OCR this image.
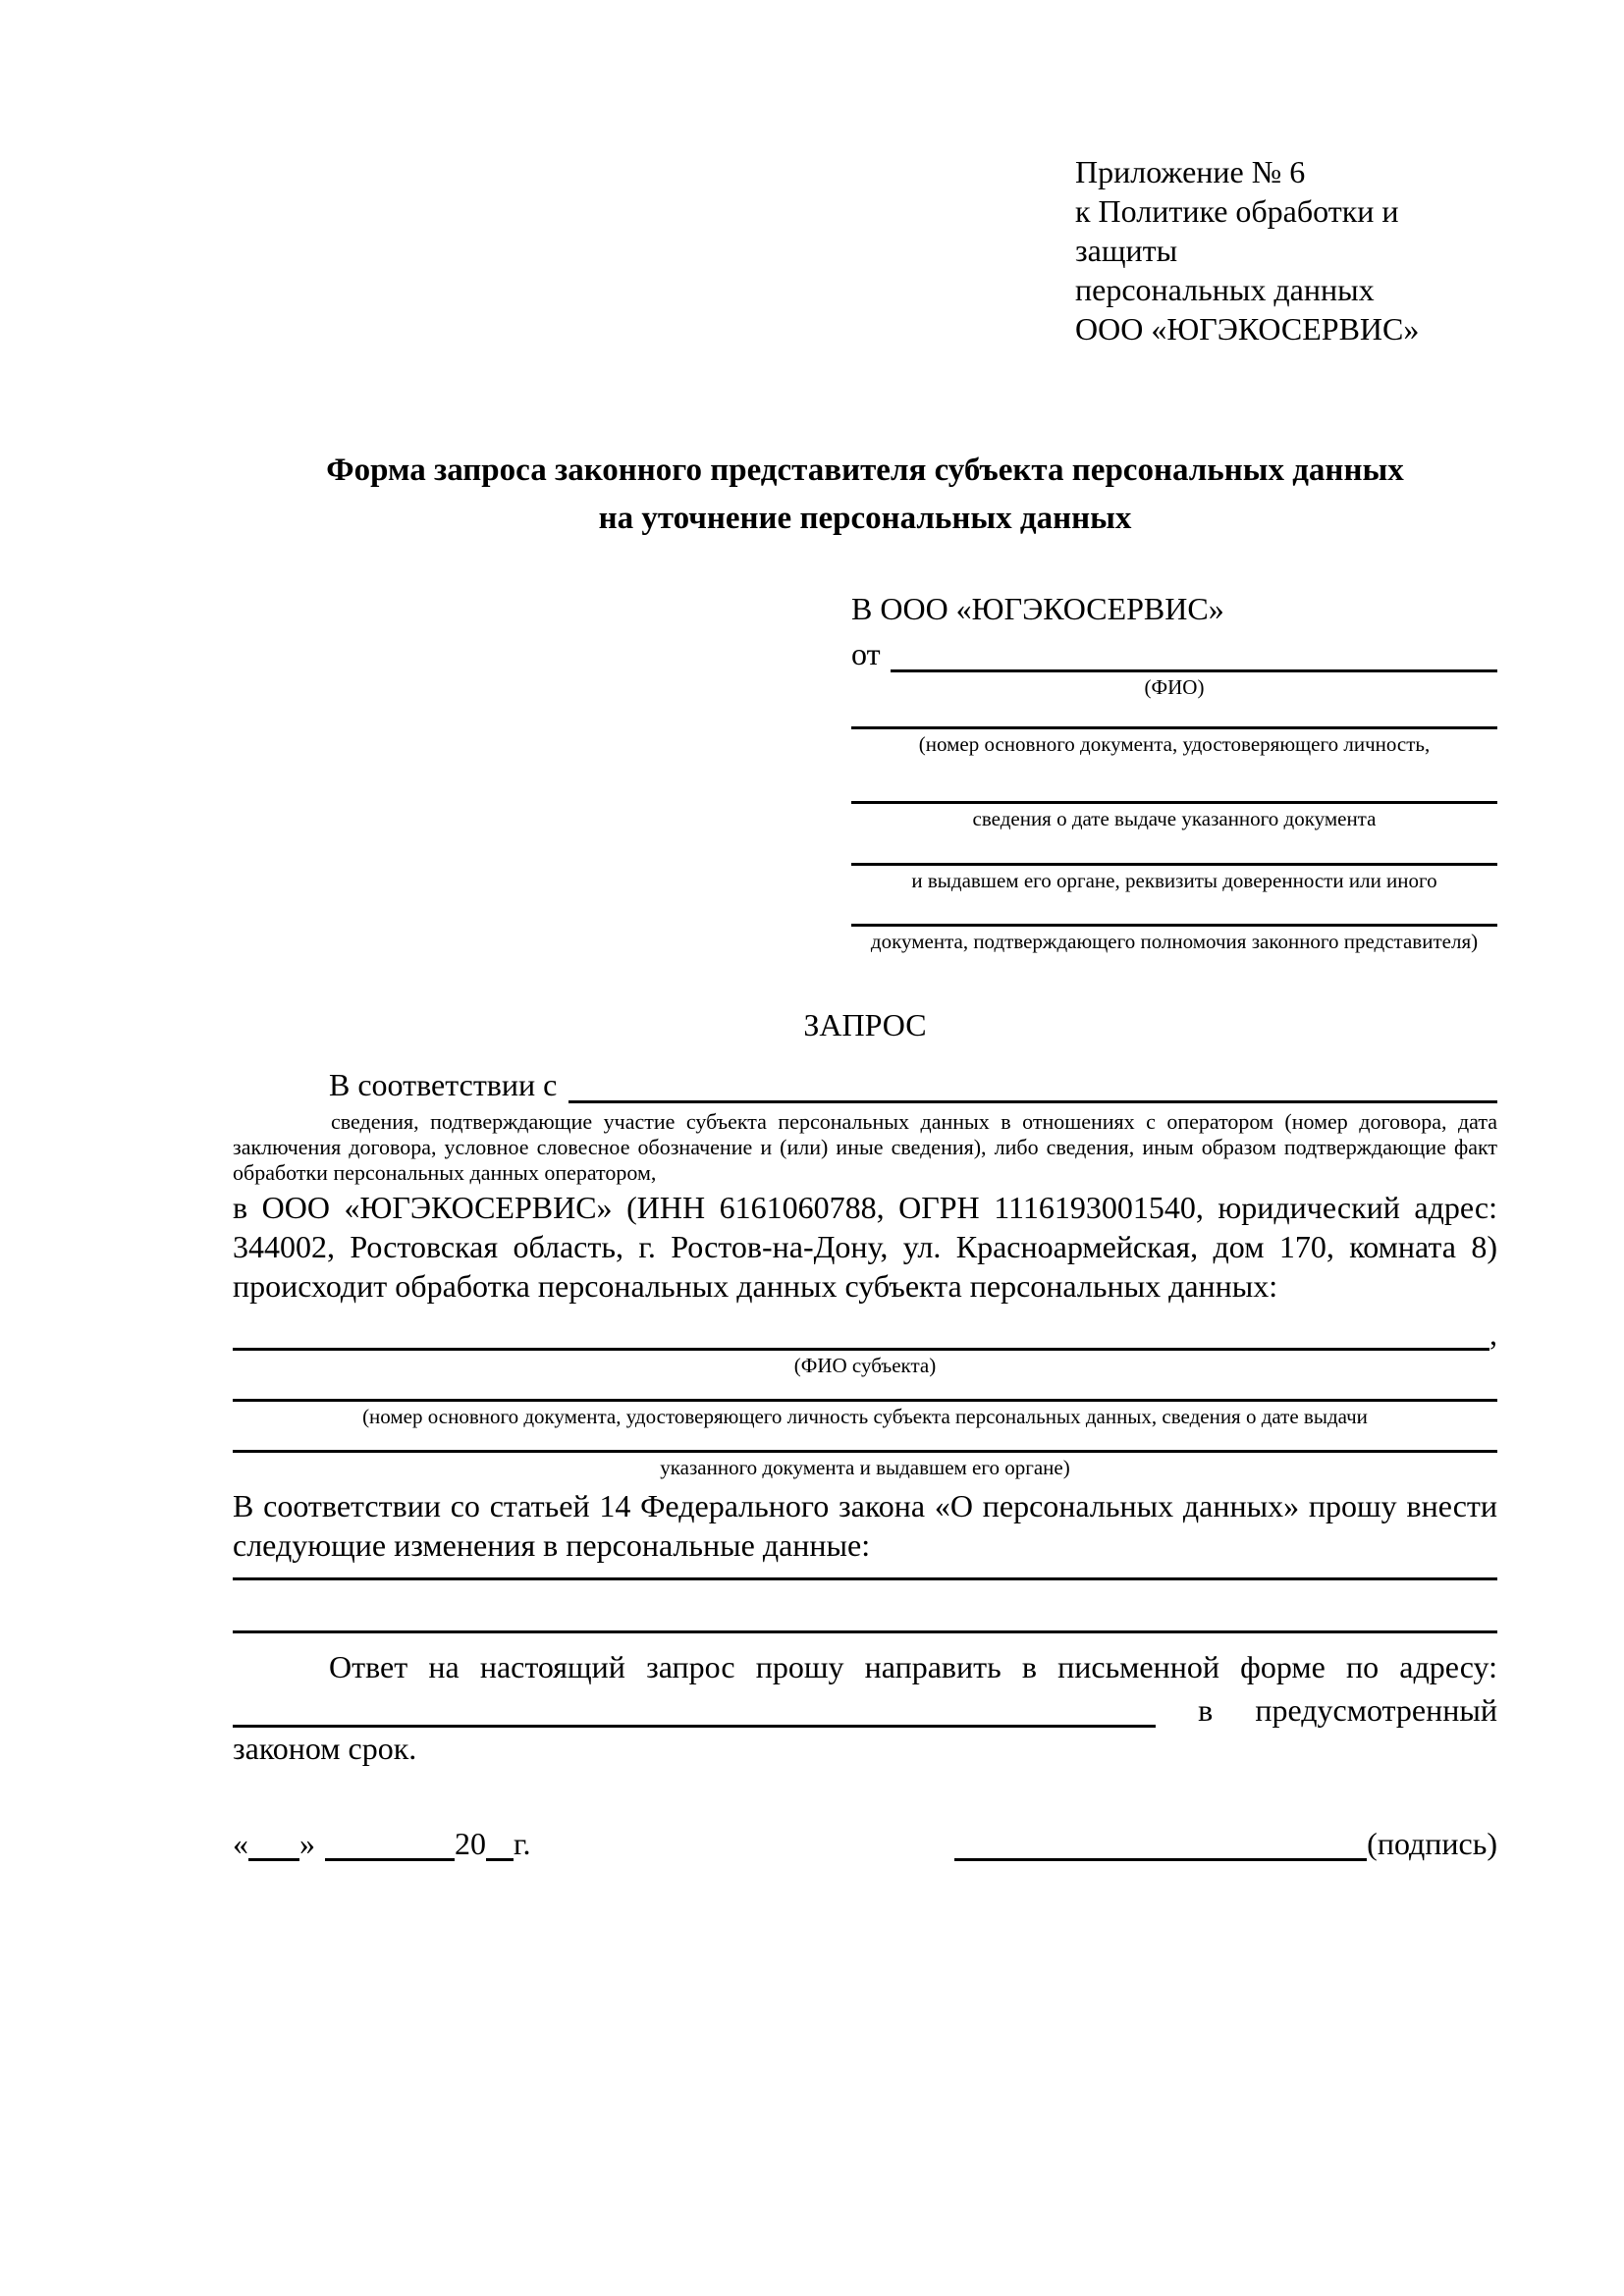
Приложение № 6
к Политике обработки и защиты
персональных данных
ООО «ЮГЭКОСЕРВИС»
Форма запроса законного представителя субъекта персональных данных
на уточнение персональных данных
В ООО «ЮГЭКОСЕРВИС»
от
(ФИО)
(номер основного документа, удостоверяющего личность,
сведения о дате выдаче указанного документа
и выдавшем его органе, реквизиты доверенности или иного
документа, подтверждающего полномочия законного представителя)
ЗАПРОС
В соответствии с
сведения, подтверждающие участие субъекта персональных данных в отношениях с оператором (номер договора, дата заключения договора, условное словесное обозначение и (или) иные сведения), либо сведения, иным образом подтверждающие факт обработки персональных данных оператором,
в ООО «ЮГЭКОСЕРВИС» (ИНН 6161060788, ОГРН 1116193001540, юридический адрес: 344002, Ростовская область, г. Ростов-на-Дону, ул. Красноармейская, дом 170, комната 8) происходит обработка персональных данных субъекта персональных данных:
,
(ФИО субъекта)
(номер основного документа, удостоверяющего личность субъекта персональных данных, сведения о дате выдачи
указанного документа и выдавшем его органе)
В соответствии со статьей 14 Федерального закона «О персональных данных» прошу внести следующие изменения в персональные данные:
Ответ на настоящий запрос прошу направить в письменной форме по адресу:
в предусмотренный
законом срок.
« »	20 г.	(подпись)
